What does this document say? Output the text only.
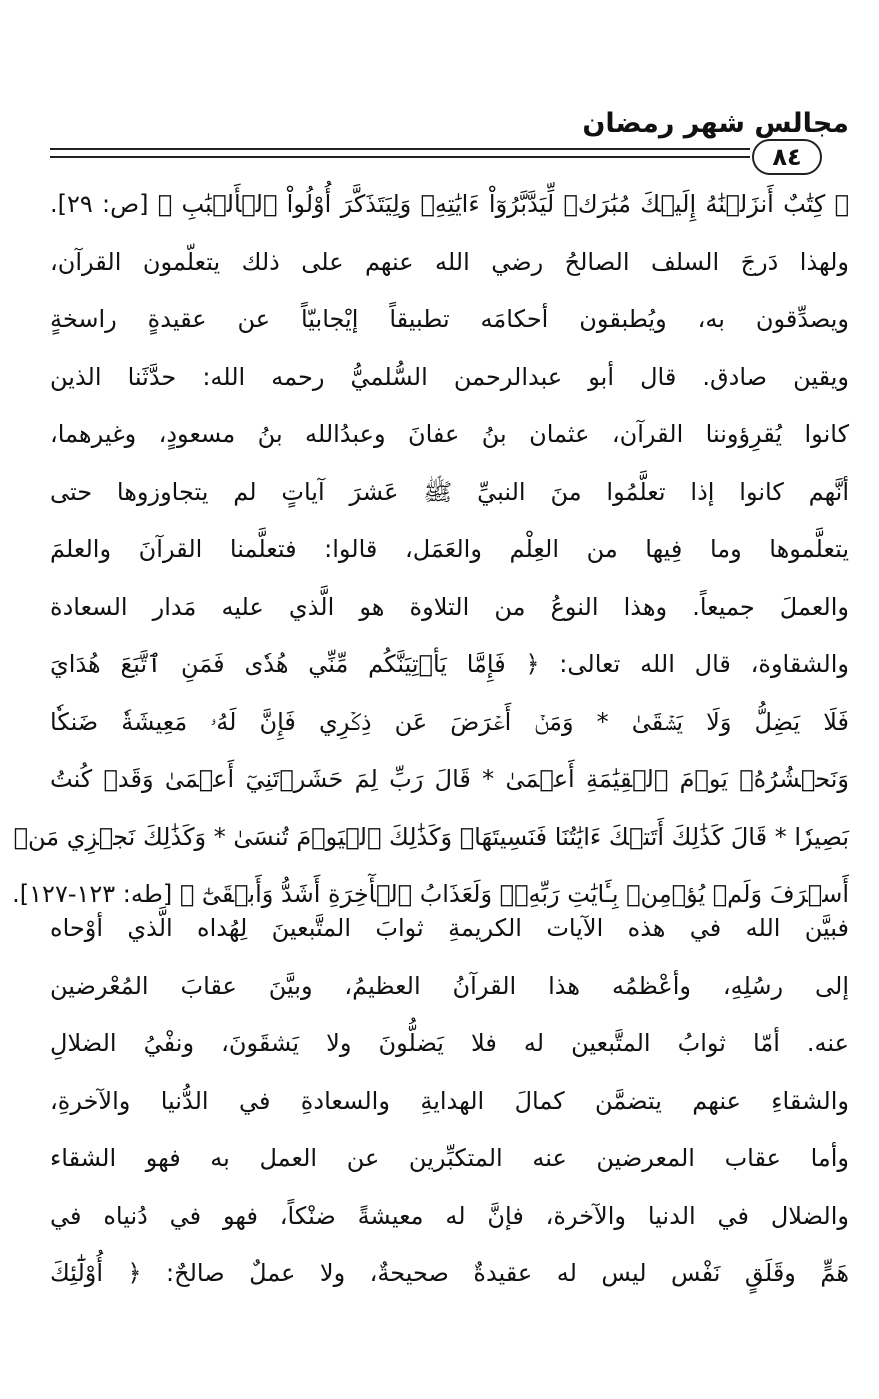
مجالس شهر رمضان
٨٤
﴿ كِتَٰبٌ أَنزَلۡنَٰهُ إِلَيۡكَ مُبَٰرَكٞ لِّيَدَّبَّرُوٓاْ ءَايَٰتِهِۦ وَلِيَتَذَكَّرَ أُوْلُواْ ٱلۡأَلۡبَٰبِ ﴾ [ص: ٢٩].
ولهذا دَرجَ السلف الصالحُ رضي الله عنهم على ذلك يتعلّمون القرآن،
ويصدِّقون به، ويُطبقون أحكامَه تطبيقاً إيْجابيّاً عن عقيدةٍ راسخةٍ
ويقين صادق. قال أبو عبدالرحمن السُّلميُّ رحمه الله: حدَّثَنا الذين
كانوا يُقرِؤوننا القرآن، عثمان بنُ عفانَ وعبدُالله بنُ مسعودٍ، وغيرهما،
أنَّهم كانوا إذا تعلَّمُوا منَ النبيِّ ﷺ عَشرَ آياتٍ لم يتجاوزوها حتى
يتعلَّموها وما فِيها من العِلْم والعَمَل، قالوا: فتعلَّمنا القرآنَ والعلمَ
والعملَ جميعاً. وهذا النوعُ من التلاوة هو الَّذي عليه مَدار السعادة
والشقاوة، قال الله تعالى: ﴿ فَإِمَّا يَأۡتِيَنَّكُم مِّنِّي هُدٗى فَمَنِ ٱتَّبَعَ هُدَايَ
فَلَا يَضِلُّ وَلَا يَشۡقَىٰ * وَمَنۡ أَعۡرَضَ عَن ذِكۡرِي فَإِنَّ لَهُۥ مَعِيشَةٗ ضَنكٗا
وَنَحۡشُرُهُۥ يَوۡمَ ٱلۡقِيَٰمَةِ أَعۡمَىٰ * قَالَ رَبِّ لِمَ حَشَرۡتَنِيٓ أَعۡمَىٰ وَقَدۡ كُنتُ
بَصِيرٗا * قَالَ كَذَٰلِكَ أَتَتۡكَ ءَايَٰتُنَا فَنَسِيتَهَاۖ وَكَذَٰلِكَ ٱلۡيَوۡمَ تُنسَىٰ * وَكَذَٰلِكَ نَجۡزِي مَنۡ
أَسۡرَفَ وَلَمۡ يُؤۡمِنۢ بِـَٔايَٰتِ رَبِّهِۦۚ وَلَعَذَابُ ٱلۡأٓخِرَةِ أَشَدُّ وَأَبۡقَىٰٓ ﴾ [طه: ١٢٣-١٢٧].
فبيَّن الله في هذه الآيات الكريمةِ ثوابَ المتَّبعينَ لِهُداه الَّذي أوْحاه
إلى رسُلِهِ، وأعْظمُه هذا القرآنُ العظيمُ، وبيَّنَ عقابَ المُعْرضين
عنه. أمّا ثوابُ المتَّبعين له فلا يَضلُّونَ ولا يَشقَونَ، ونفْيُ الضلالِ
والشقاءِ عنهم يتضمَّن كمالَ الهدايةِ والسعادةِ في الدُّنيا والآخرةِ،
وأما عقاب المعرضين عنه المتكبِّرين عن العمل به فهو الشقاء
والضلال في الدنيا والآخرة، فإنَّ له معيشةً ضنْكاً، فهو في دُنياه في
هَمٍّ وقَلَقٍ نَفْس ليس له عقيدةٌ صحيحةٌ، ولا عملٌ صالحٌ: ﴿ أُوْلَٰٓئِكَ
